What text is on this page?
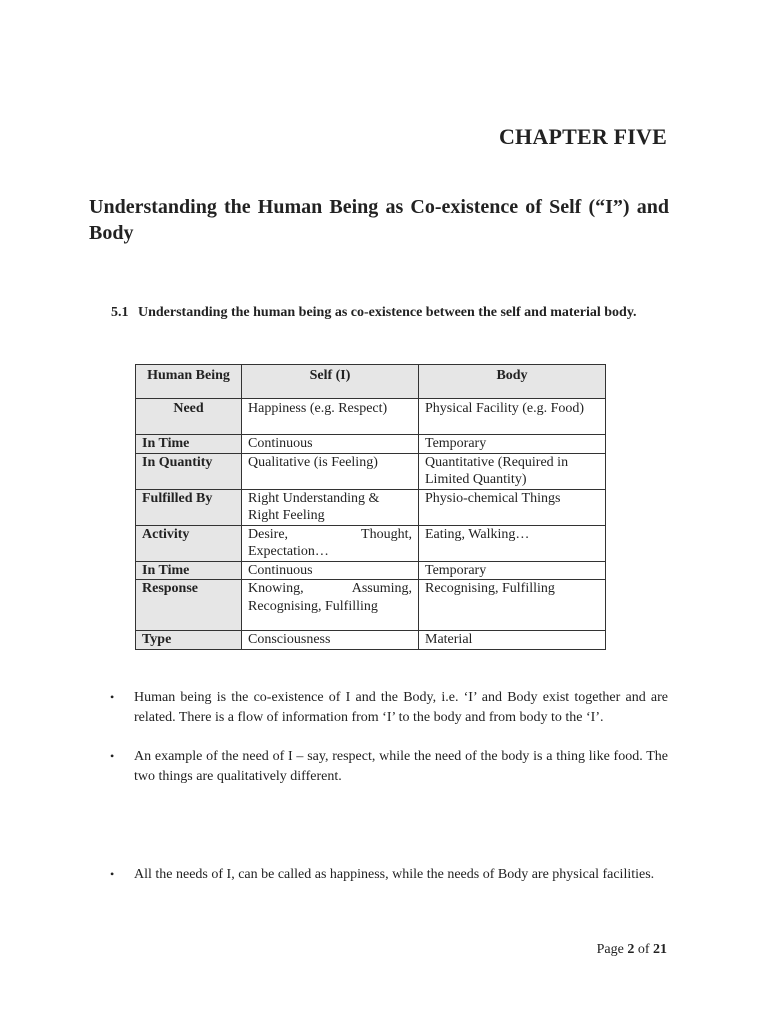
CHAPTER FIVE
Understanding the Human Being as Co-existence of Self (“I”) and Body
5.1 Understanding the human being as co-existence between the self and material body.
Human Being	Self (I)	Body
Need	Happiness (e.g. Respect)	Physical Facility (e.g. Food)
In Time	Continuous	Temporary
In Quantity	Qualitative (is Feeling)	Quantitative (Required in Limited Quantity)
Fulfilled By	Right Understanding & Right Feeling	Physio-chemical Things
Activity	Desire, Thought, Expectation…	Eating, Walking…
In Time	Continuous	Temporary
Response	Knowing, Assuming, Recognising, Fulfilling	Recognising, Fulfilling
Type	Consciousness	Material
• Human being is the co-existence of I and the Body, i.e. ‘I’ and Body exist together and are related. There is a flow of information from ‘I’ to the body and from body to the ‘I’.
• An example of the need of I – say, respect, while the need of the body is a thing like food. The two things are qualitatively different.
• All the needs of I, can be called as happiness, while the needs of Body are physical facilities.
Page 2 of 21
